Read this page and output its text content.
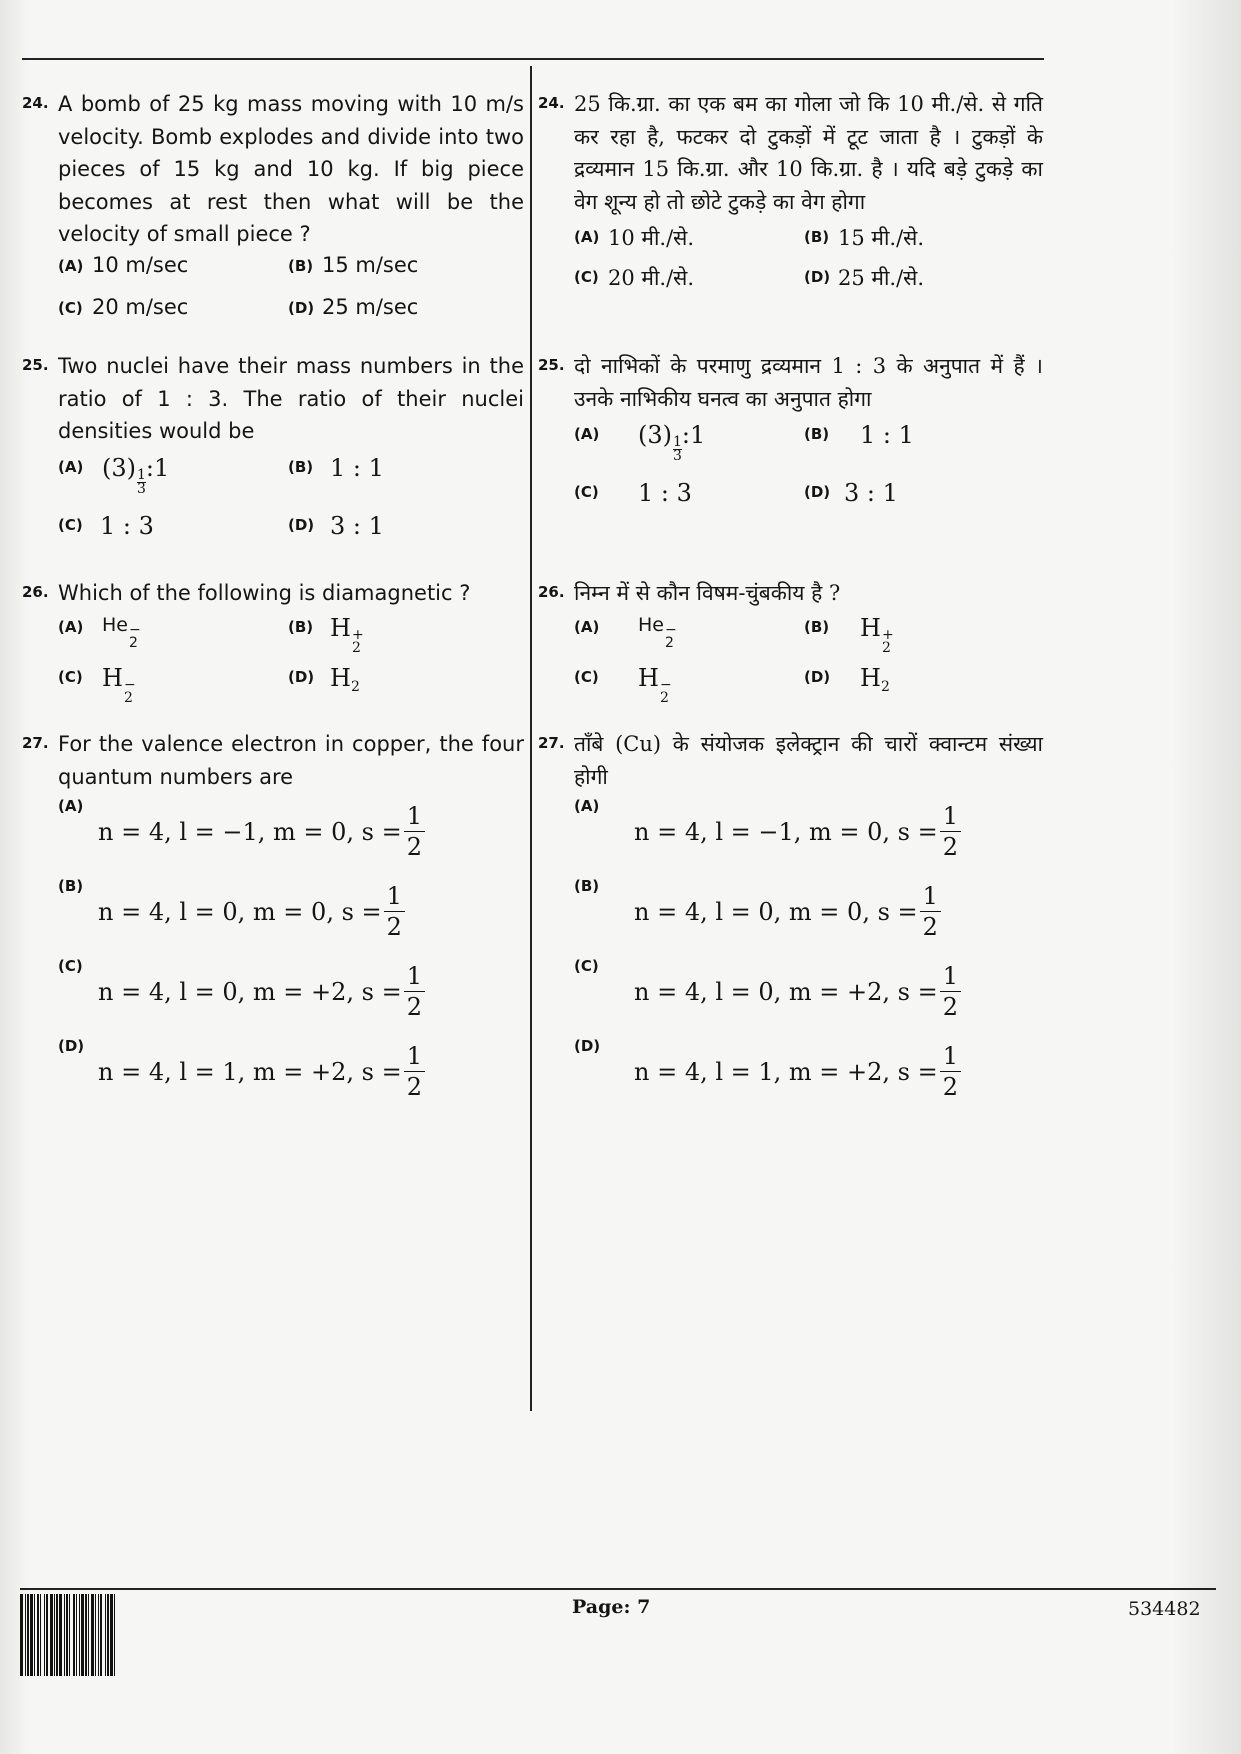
24. A bomb of 25 kg mass moving with 10 m/s velocity. Bomb explodes and divide into two pieces of 15 kg and 10 kg. If big piece becomes at rest then what will be the velocity of small piece ?
(A) 10 m/sec	(B) 15 m/sec
(C) 20 m/sec	(D) 25 m/sec
25. Two nuclei have their mass numbers in the ratio of 1 : 3. The ratio of their nuclei densities would be
(A) (3)
$\frac{1}{3}$
:1	(B) 1 : 1
(C) 1 : 3	(D) 3 : 1
26. Which of the following is diamagnetic ?
(A) He −
2
(B) H +
2
(C) H −
2
(D) $H_2$
27. For the valence electron in copper, the four quantum numbers are
(A)
n = 4, l = −1, m = 0, $s = \frac{1}{2}$
(B)
n = 4, l = 0, m = 0, $s = \frac{1}{2}$
(C)
n = 4, l = 0, m = +2, $s = \frac{1}{2}$
(D)
n = 4, l = 1, m = +2, $s = \frac{1}{2}$
24. 25 कि.ग्रा. का एक बम का गोला जो कि 10 मी./से. से गति कर रहा है, फटकर दो टुकड़ों में टूट जाता है । टुकड़ों के द्रव्यमान 15 कि.ग्रा. और 10 कि.ग्रा. है । यदि बड़े टुकड़े का वेग शून्य हो तो छोटे टुकड़े का वेग होगा
(A) 10 मी./से.	(B) 15 मी./से.
(C) 20 मी./से.	(D) 25 मी./से.
25. दो नाभिकों के परमाणु द्रव्यमान 1 : 3 के अनुपात में हैं । उनके नाभिकीय घनत्व का अनुपात होगा
(A)	(3)
$\frac{1}{3}$
:1	(B)	1 : 1
(C)	1 : 3	(D) 3 : 1
26. निम्न में से कौन विषम-चुंबकीय है ?
(A)	He −
2
(B)	H +
2
(C)	H −
2
(D)	$H_2$
27. ताँबे (Cu) के संयोजक इलेक्ट्रान की चारों क्वान्टम संख्या होगी
(A)
n = 4, l = −1, m = 0, $s = \frac{1}{2}$
(B)
n = 4, l = 0, m = 0, $s = \frac{1}{2}$
(C)
n = 4, l = 0, m = +2, $s = \frac{1}{2}$
(D)
n = 4, l = 1, m = +2, $s = \frac{1}{2}$
Page: 7	534482
